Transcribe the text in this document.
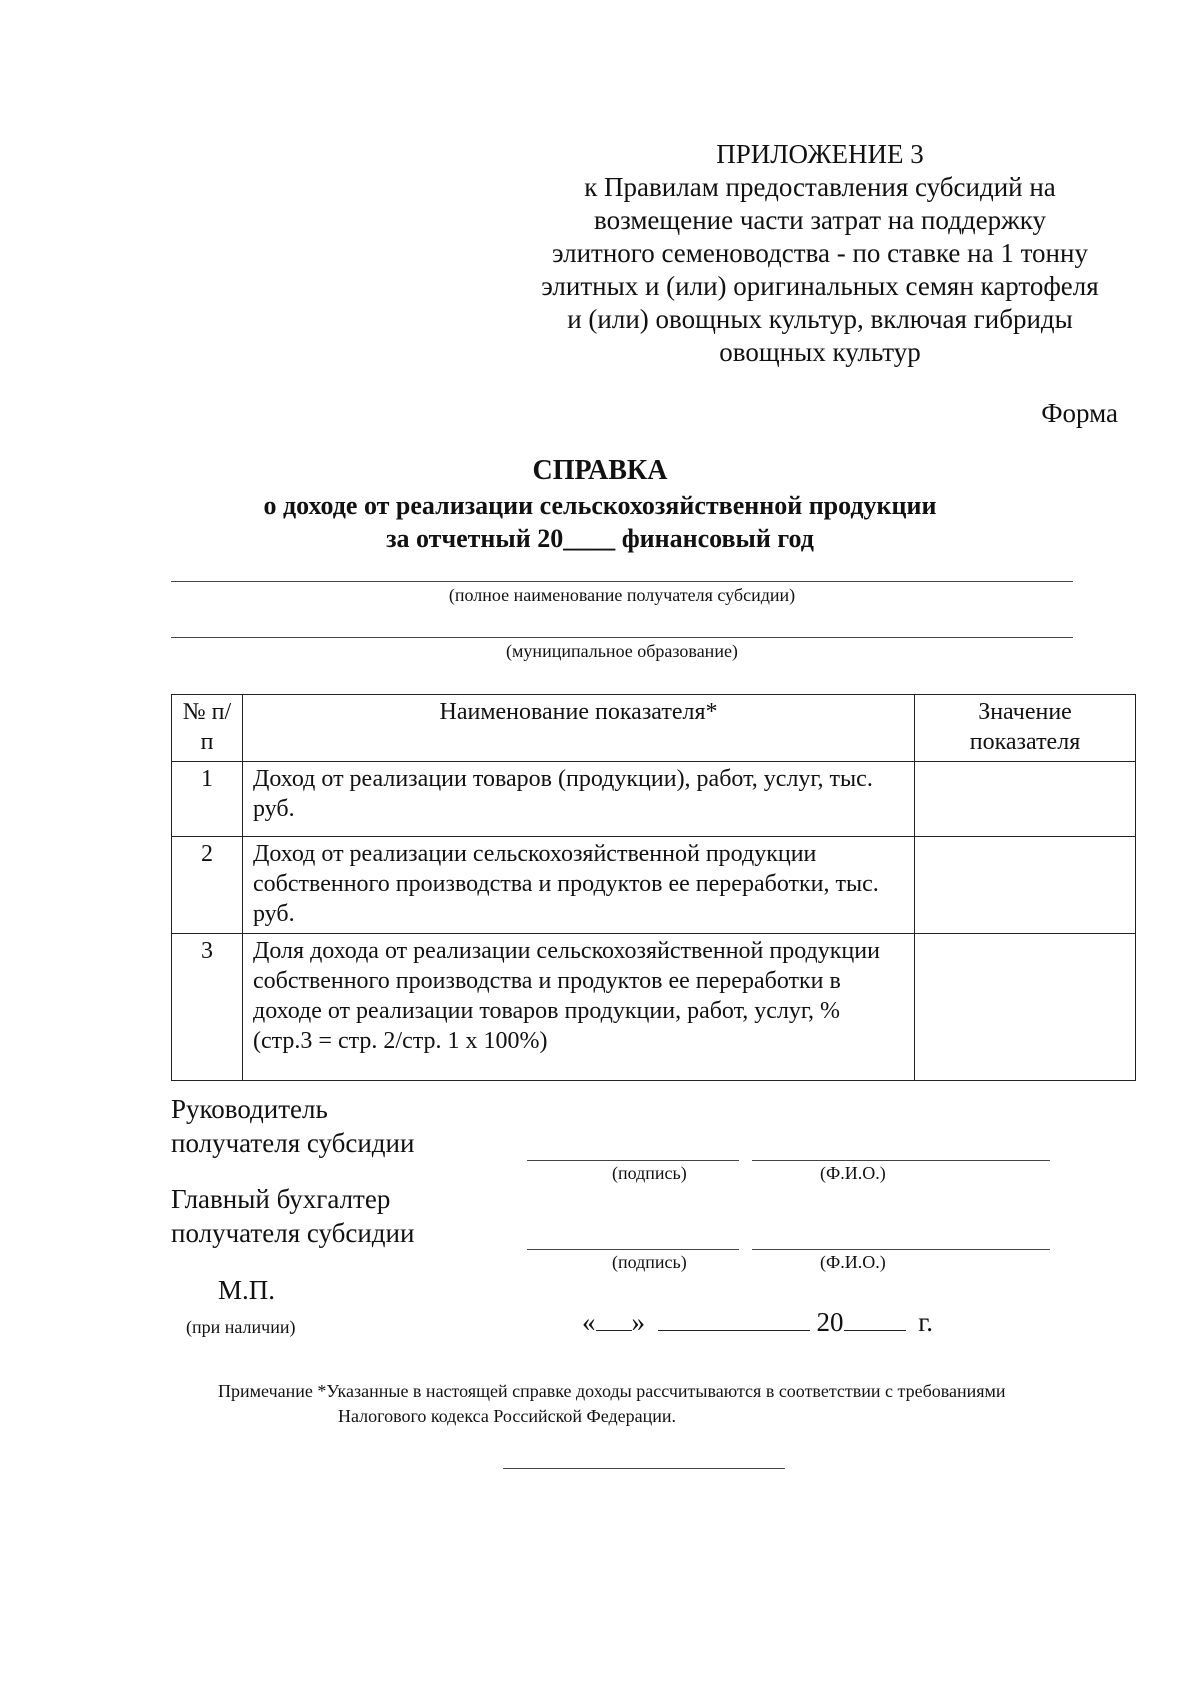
ПРИЛОЖЕНИЕ 3
к Правилам предоставления субсидий на
возмещение части затрат на поддержку
элитного семеноводства - по ставке на 1 тонну
элитных и (или) оригинальных семян картофеля
и (или) овощных культур, включая гибриды
овощных культур
Форма
СПРАВКА
о доходе от реализации сельскохозяйственной продукции
за отчетный 20____ финансовый год
(полное наименование получателя субсидии)
(муниципальное образование)
№ п/п	Наименование показателя*	Значение показателя
1	Доход от реализации товаров (продукции), работ, услуг, тыс. руб.	
2	Доход от реализации сельскохозяйственной продукции собственного производства и продуктов ее переработки, тыс. руб.	
3	Доля дохода от реализации сельскохозяйственной продукции собственного производства и продуктов ее переработки в доходе от реализации товаров продукции, работ, услуг, % (стр.3 = стр. 2/стр. 1 х 100%)	
Руководитель
получателя субсидии
(подпись)	(Ф.И.О.)
Главный бухгалтер
получателя субсидии
(подпись)	(Ф.И.О.)
М.П.
(при наличии)	« »	20	г.
Примечание *Указанные в настоящей справке доходы рассчитываются в соответствии с требованиями
Налогового кодекса Российской Федерации.
